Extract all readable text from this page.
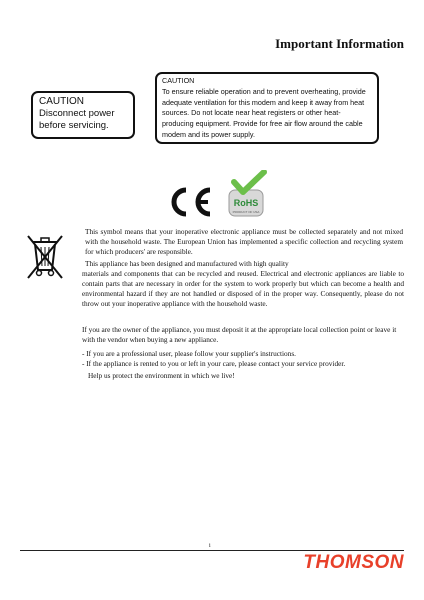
Important Information
CAUTION
Disconnect power
before servicing.
CAUTION
To ensure reliable operation and to prevent overheating, provide adequate ventilation for this modem and keep it away from heat sources. Do not locate near heat registers or other heat-producing equipment. Provide for free air flow around the cable modem and its power supply.
RoHS
PRODUCT OF USA

This symbol means that your inoperative electronic appliance must be collected separately and not mixed with the household waste. The European Union has implemented a specific collection and recycling system for which producers' are responsible.

This appliance has been designed and manufactured with high quality

materials and components that can be recycled and reused. Electrical and electronic appliances are liable to contain parts that are necessary in order for the system to work properly but which can become a health and environmental hazard if they are not handled or disposed of in the proper way. Consequently, please do not throw out your inoperative appliance with the household waste.

If you are the owner of the appliance, you must deposit it at the appropriate local collection point or leave it with the vendor when buying a new appliance.

- If you are a professional user, please follow your supplier's instructions.

- If the appliance is rented to you or left in your care, please contact your service provider.

Help us protect the environment in which we live!

i
THOMSON
